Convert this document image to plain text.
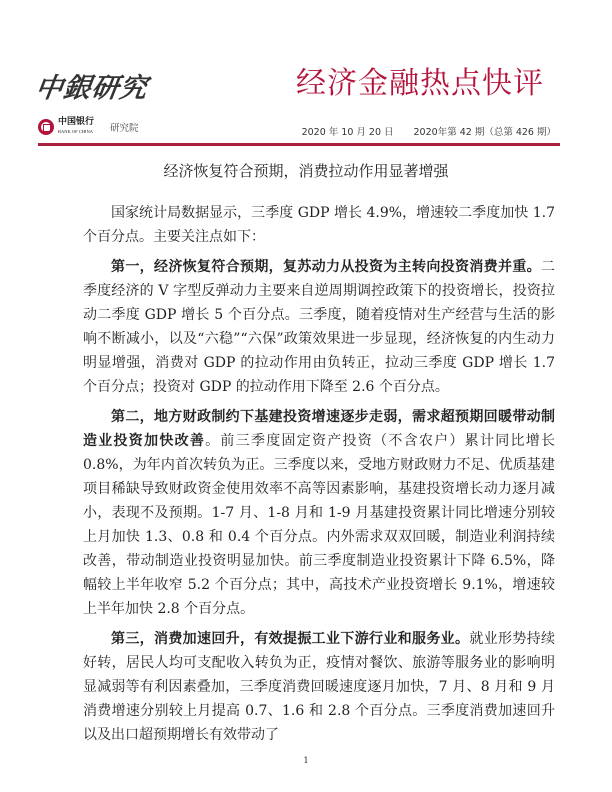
中銀研究	经济金融热点快评
中国银行
BANK OF CHINA 研究院	2020 年 10 月 20 日 2020年第 42 期（总第 426 期）
经济恢复符合预期，消费拉动作用显著增强

国家统计局数据显示，三季度 GDP 增长 4.9%，增速较二季度加快 1.7 个百分点。主要关注点如下：

第一，经济恢复符合预期，复苏动力从投资为主转向投资消费并重。二季度经济的 V 字型反弹动力主要来自逆周期调控政策下的投资增长，投资拉动二季度 GDP 增长 5 个百分点。三季度，随着疫情对生产经营与生活的影响不断减小，以及“六稳”“六保”政策效果进一步显现，经济恢复的内生动力明显增强，消费对 GDP 的拉动作用由负转正，拉动三季度 GDP 增长 1.7 个百分点；投资对 GDP 的拉动作用下降至 2.6 个百分点。

第二，地方财政制约下基建投资增速逐步走弱，需求超预期回暖带动制造业投资加快改善。前三季度固定资产投资（不含农户）累计同比增长 0.8%，为年内首次转负为正。三季度以来，受地方财政财力不足、优质基建项目稀缺导致财政资金使用效率不高等因素影响，基建投资增长动力逐月减小，表现不及预期。1-7 月、1-8 月和 1-9 月基建投资累计同比增速分别较上月加快 1.3、0.8 和 0.4 个百分点。内外需求双双回暖，制造业利润持续改善，带动制造业投资明显加快。前三季度制造业投资累计下降 6.5%，降幅较上半年收窄 5.2 个百分点；其中，高技术产业投资增长 9.1%，增速较上半年加快 2.8 个百分点。

第三，消费加速回升，有效提振工业下游行业和服务业。就业形势持续好转，居民人均可支配收入转负为正，疫情对餐饮、旅游等服务业的影响明显减弱等有利因素叠加，三季度消费回暖速度逐月加快，7 月、8 月和 9 月消费增速分别较上月提高 0.7、1.6 和 2.8 个百分点。三季度消费加速回升以及出口超预期增长有效带动了

1
